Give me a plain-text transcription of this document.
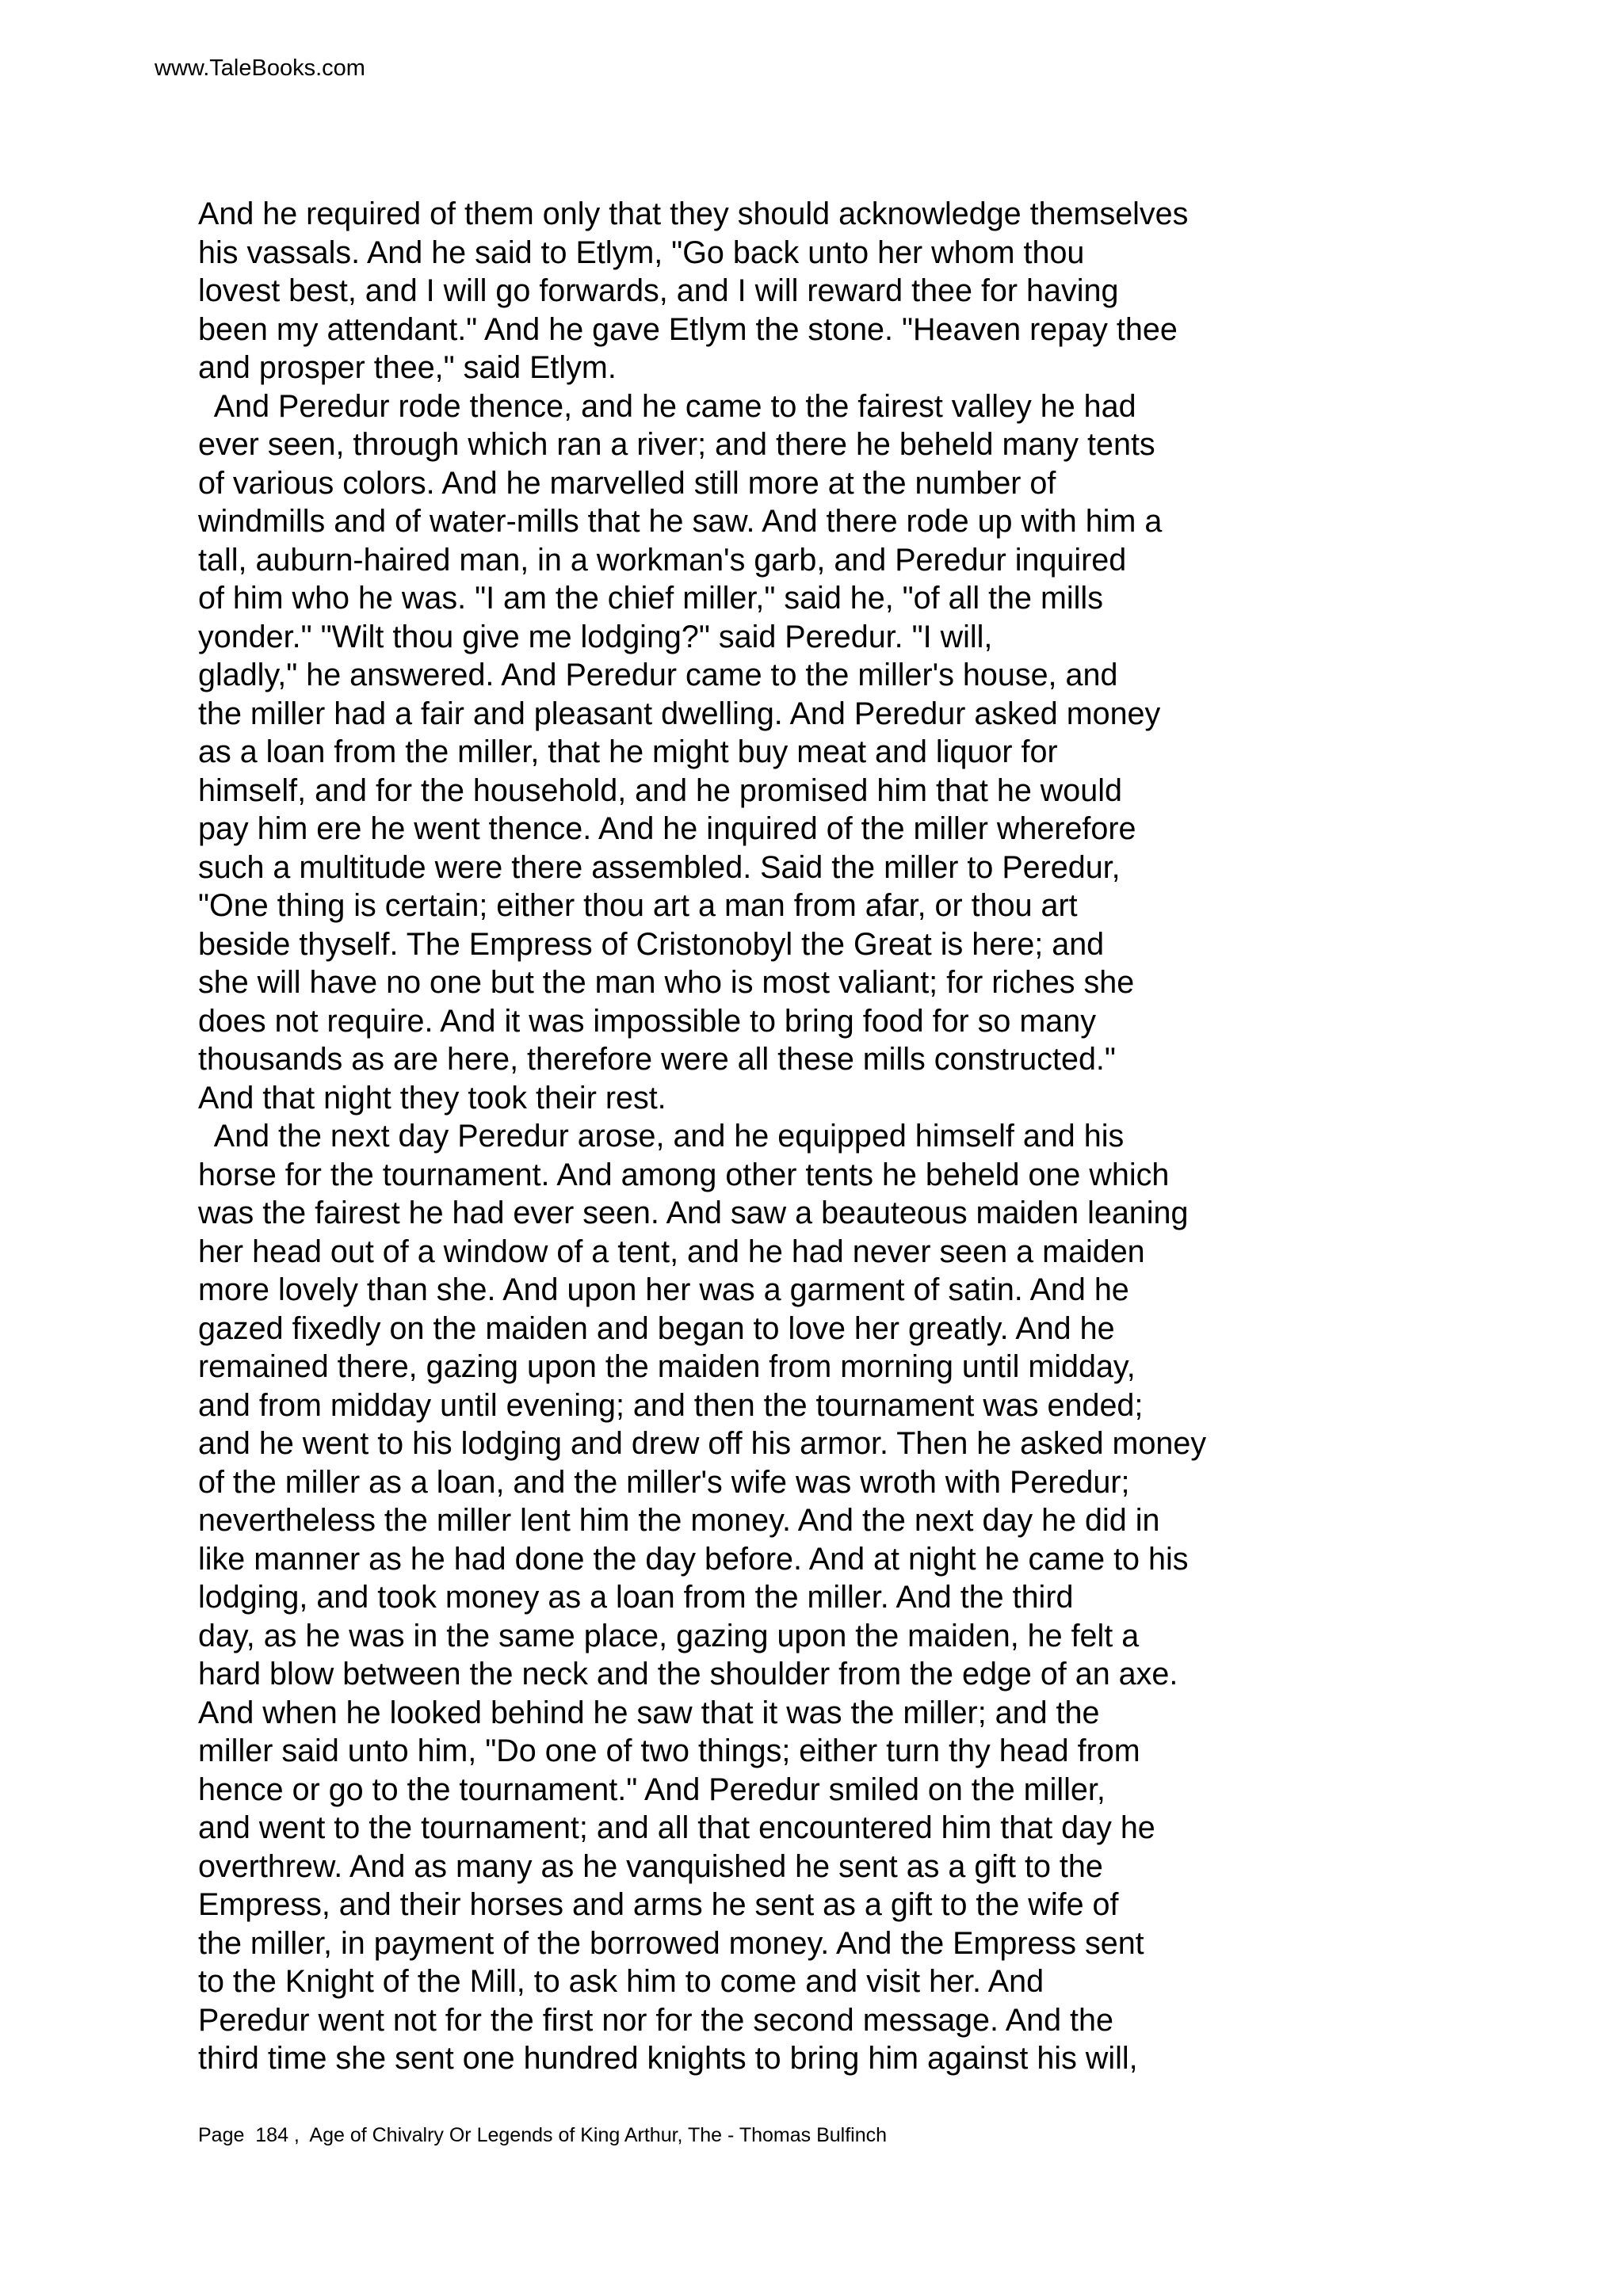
www.TaleBooks.com
And he required of them only that they should acknowledge themselves
his vassals. And he said to Etlym, "Go back unto her whom thou
lovest best, and I will go forwards, and I will reward thee for having
been my attendant." And he gave Etlym the stone. "Heaven repay thee
and prosper thee," said Etlym.
And Peredur rode thence, and he came to the fairest valley he had
ever seen, through which ran a river; and there he beheld many tents
of various colors. And he marvelled still more at the number of
windmills and of water-mills that he saw. And there rode up with him a
tall, auburn-haired man, in a workman's garb, and Peredur inquired
of him who he was. "I am the chief miller," said he, "of all the mills
yonder." "Wilt thou give me lodging?" said Peredur. "I will,
gladly," he answered. And Peredur came to the miller's house, and
the miller had a fair and pleasant dwelling. And Peredur asked money
as a loan from the miller, that he might buy meat and liquor for
himself, and for the household, and he promised him that he would
pay him ere he went thence. And he inquired of the miller wherefore
such a multitude were there assembled. Said the miller to Peredur,
"One thing is certain; either thou art a man from afar, or thou art
beside thyself. The Empress of Cristonobyl the Great is here; and
she will have no one but the man who is most valiant; for riches she
does not require. And it was impossible to bring food for so many
thousands as are here, therefore were all these mills constructed."
And that night they took their rest.
And the next day Peredur arose, and he equipped himself and his
horse for the tournament. And among other tents he beheld one which
was the fairest he had ever seen. And saw a beauteous maiden leaning
her head out of a window of a tent, and he had never seen a maiden
more lovely than she. And upon her was a garment of satin. And he
gazed fixedly on the maiden and began to love her greatly. And he
remained there, gazing upon the maiden from morning until midday,
and from midday until evening; and then the tournament was ended;
and he went to his lodging and drew off his armor. Then he asked money
of the miller as a loan, and the miller's wife was wroth with Peredur;
nevertheless the miller lent him the money. And the next day he did in
like manner as he had done the day before. And at night he came to his
lodging, and took money as a loan from the miller. And the third
day, as he was in the same place, gazing upon the maiden, he felt a
hard blow between the neck and the shoulder from the edge of an axe.
And when he looked behind he saw that it was the miller; and the
miller said unto him, "Do one of two things; either turn thy head from
hence or go to the tournament." And Peredur smiled on the miller,
and went to the tournament; and all that encountered him that day he
overthrew. And as many as he vanquished he sent as a gift to the
Empress, and their horses and arms he sent as a gift to the wife of
the miller, in payment of the borrowed money. And the Empress sent
to the Knight of the Mill, to ask him to come and visit her. And
Peredur went not for the first nor for the second message. And the
third time she sent one hundred knights to bring him against his will,
Page  184 ,  Age of Chivalry Or Legends of King Arthur, The - Thomas Bulfinch
